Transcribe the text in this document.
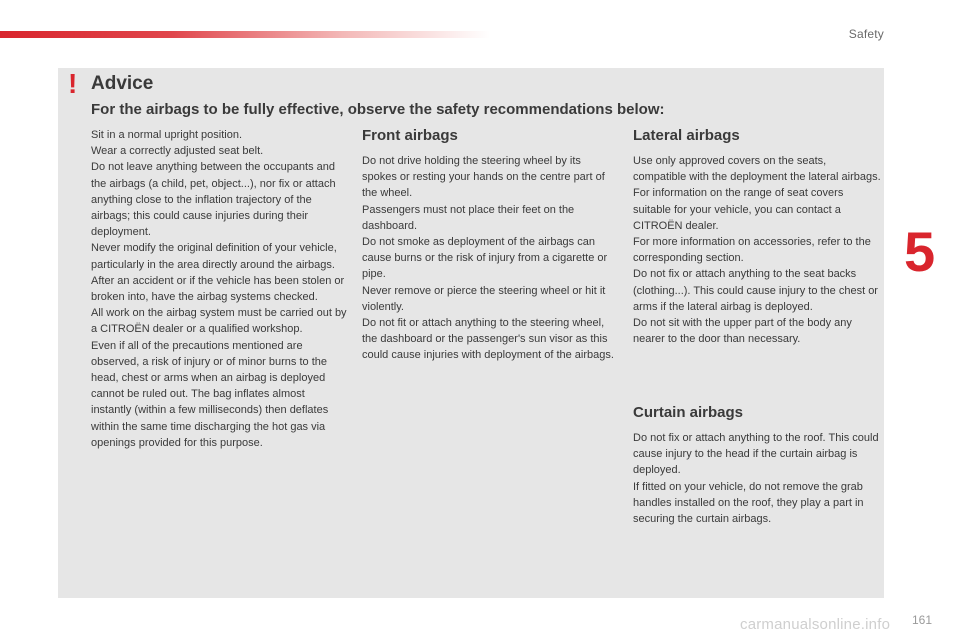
Safety
! Advice
For the airbags to be fully effective, observe the safety recommendations below:

Sit in a normal upright position.

Wear a correctly adjusted seat belt.

Do not leave anything between the occupants and the airbags (a child, pet, object...), nor fix or attach anything close to the inflation trajectory of the airbags; this could cause injuries during their deployment.

Never modify the original definition of your vehicle, particularly in the area directly around the airbags.

After an accident or if the vehicle has been stolen or broken into, have the airbag systems checked.

All work on the airbag system must be carried out by a CITROËN dealer or a qualified workshop.

Even if all of the precautions mentioned are observed, a risk of injury or of minor burns to the head, chest or arms when an airbag is deployed cannot be ruled out. The bag inflates almost instantly (within a few milliseconds) then deflates within the same time discharging the hot gas via openings provided for this purpose.

Front airbags

Do not drive holding the steering wheel by its spokes or resting your hands on the centre part of the wheel.

Passengers must not place their feet on the dashboard.

Do not smoke as deployment of the airbags can cause burns or the risk of injury from a cigarette or pipe.

Never remove or pierce the steering wheel or hit it violently.

Do not fit or attach anything to the steering wheel, the dashboard or the passenger's sun visor as this could cause injuries with deployment of the airbags.

Lateral airbags

Use only approved covers on the seats, compatible with the deployment the lateral airbags. For information on the range of seat covers suitable for your vehicle, you can contact a CITROËN dealer.

For more information on accessories, refer to the corresponding section.

Do not fix or attach anything to the seat backs (clothing...). This could cause injury to the chest or arms if the lateral airbag is deployed.

Do not sit with the upper part of the body any nearer to the door than necessary.

Curtain airbags

Do not fix or attach anything to the roof. This could cause injury to the head if the curtain airbag is deployed.

If fitted on your vehicle, do not remove the grab handles installed on the roof, they play a part in securing the curtain airbags.

5
carmanualsonline.info 161
